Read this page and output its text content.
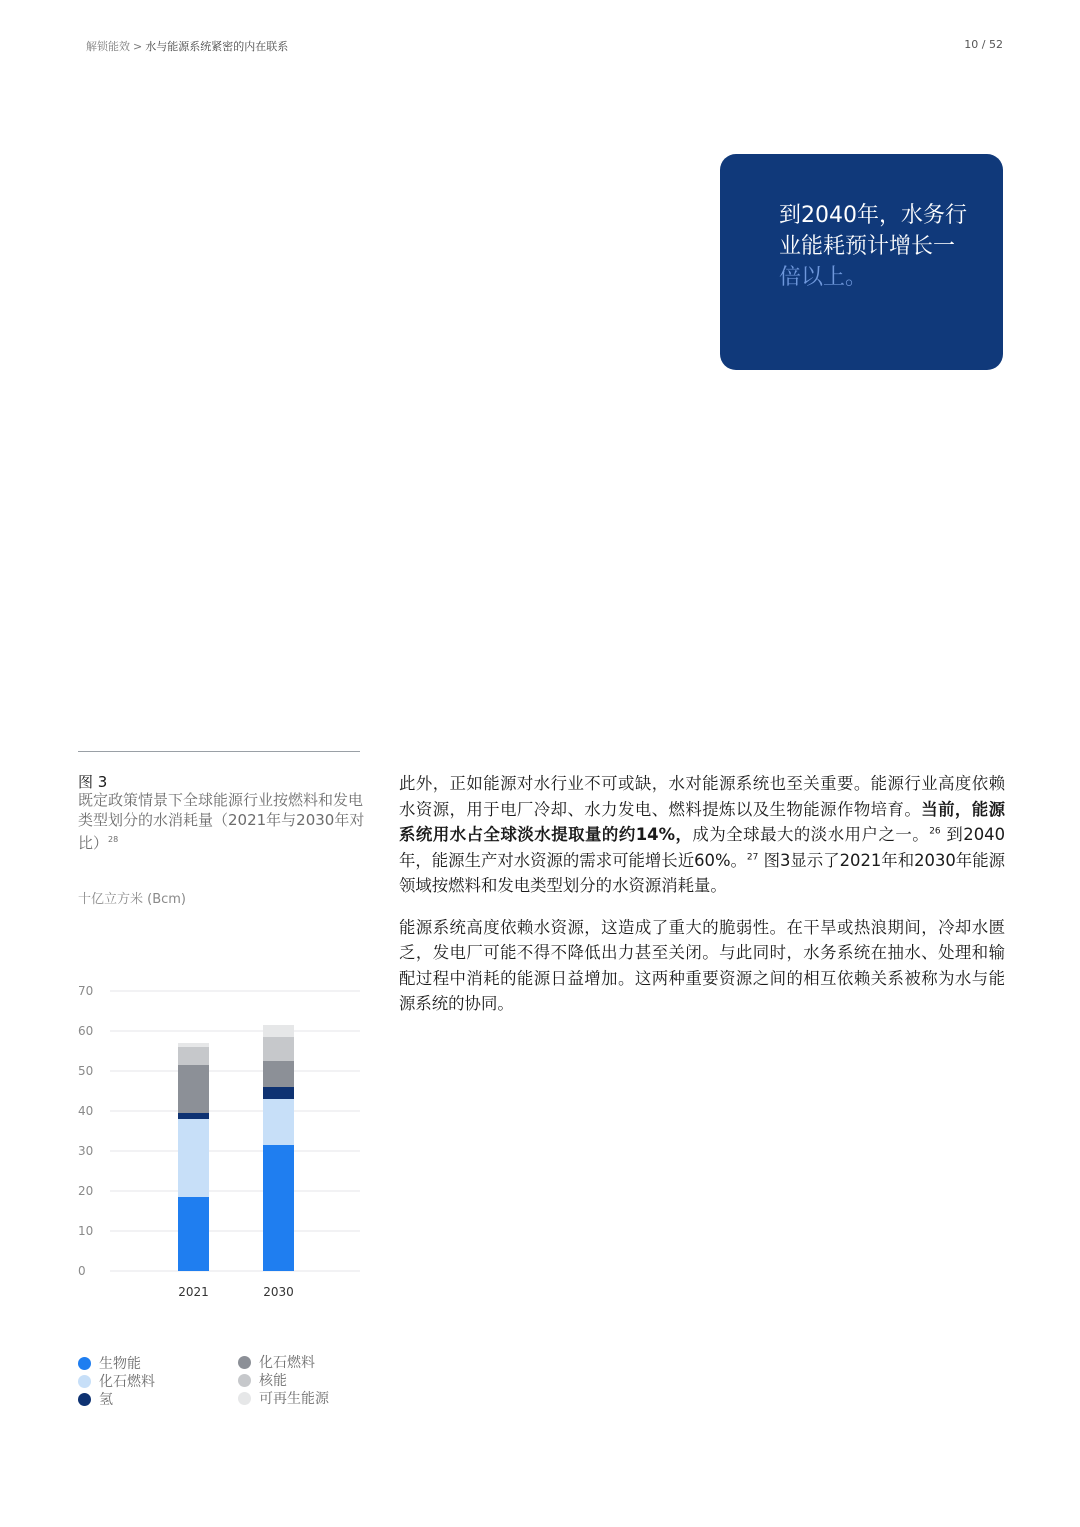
解锁能效 > 水与能源系统紧密的内在联系	10 / 52
到2040年，水务行业能耗预计增长一倍以上。
图 3
既定政策情景下全球能源行业按燃料和发电类型划分的水消耗量（2021年与2030年对比）$^{28}$
十亿立方米 (Bcm)
0
10
20
30
40
50
60
70
2021	2030
生物能
化石燃料
氢
化石燃料
核能
可再生能源

此外，正如能源对水行业不可或缺，水对能源系统也至关重要。能源行业高度依赖水资源，用于电厂冷却、水力发电、燃料提炼以及生物能源作物培育。当前，能源系统用水占全球淡水提取量的约14%，成为全球最大的淡水用户之一。$^{26}$ 到2040年，能源生产对水资源的需求可能增长近60%。$^{27}$ 图3显示了2021年和2030年能源领域按燃料和发电类型划分的水资源消耗量。

能源系统高度依赖水资源，这造成了重大的脆弱性。在干旱或热浪期间，冷却水匮乏，发电厂可能不得不降低出力甚至关闭。与此同时，水务系统在抽水、处理和输配过程中消耗的能源日益增加。这两种重要资源之间的相互依赖关系被称为水与能源系统的协同。
